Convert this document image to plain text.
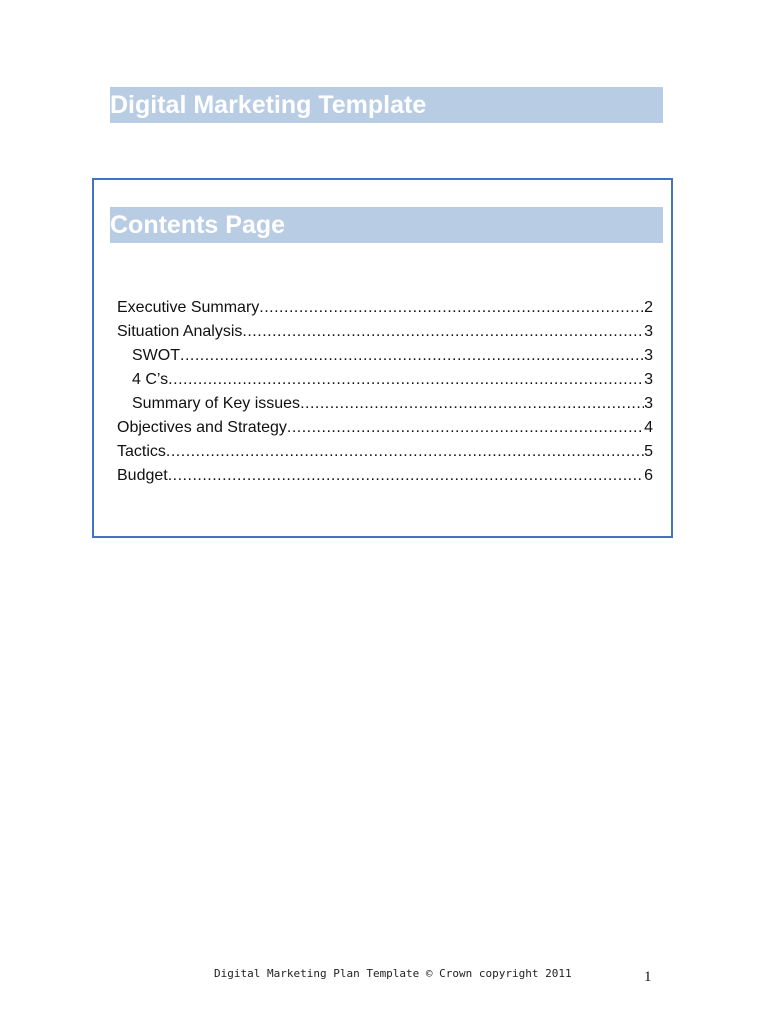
Digital Marketing Template
Contents Page
Executive Summary .....	2
Situation Analysis .....	3
SWOT .....	3
4 C’s .....	3
Summary of Key issues .....	3
Objectives and Strategy .....	4
Tactics .....	5
Budget .....	6
Digital Marketing Plan Template © Crown copyright 2011	1
